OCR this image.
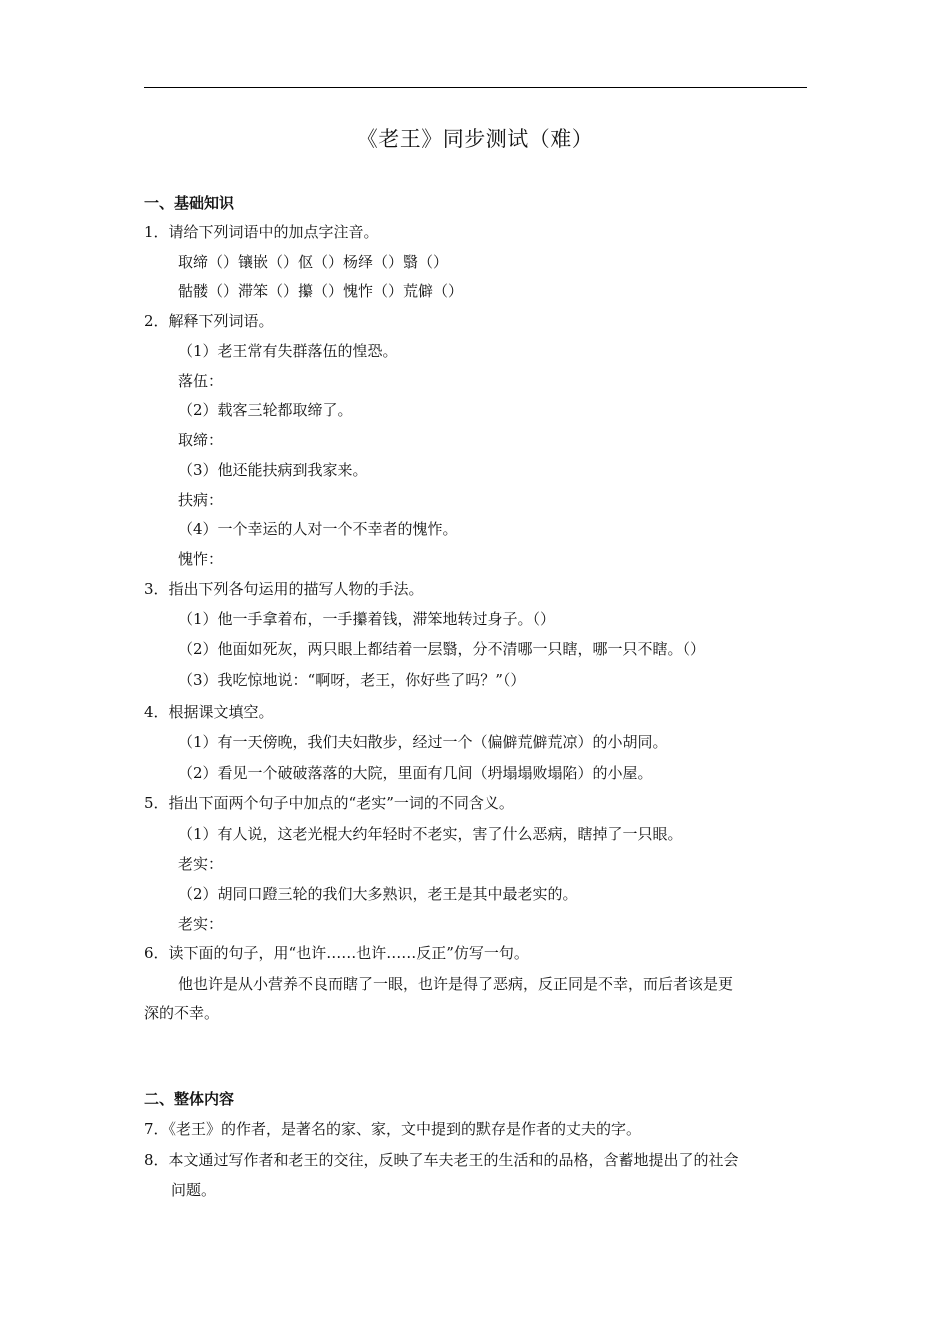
《老王》同步测试（难）
一、基础知识
1．请给下列词语中的加点字注音。
取缔（）镶嵌（）伛（）杨绎（）翳（）
骷髅（）滞笨（）攥（）愧怍（）荒僻（）
2．解释下列词语。
（1）老王常有失群落伍的惶恐。
落伍：
（2）载客三轮都取缔了。
取缔：
（3）他还能扶病到我家来。
扶病：
（4）一个幸运的人对一个不幸者的愧怍。
愧怍：
3．指出下列各句运用的描写人物的手法。
（1）他一手拿着布，一手攥着钱，滞笨地转过身子。（）
（2）他面如死灰，两只眼上都结着一层翳，分不清哪一只瞎，哪一只不瞎。（）
（3）我吃惊地说：“啊呀，老王，你好些了吗？”（）
4．根据课文填空。
（1）有一天傍晚，我们夫妇散步，经过一个（偏僻荒僻荒凉）的小胡同。
（2）看见一个破破落落的大院，里面有几间（坍塌塌败塌陷）的小屋。
5．指出下面两个句子中加点的“老实”一词的不同含义。
（1）有人说，这老光棍大约年轻时不老实，害了什么恶病，瞎掉了一只眼。
老实：
（2）胡同口蹬三轮的我们大多熟识，老王是其中最老实的。
老实：
6．读下面的句子，用“也许……也许……反正”仿写一句。
他也许是从小营养不良而瞎了一眼，也许是得了恶病，反正同是不幸，而后者该是更
深的不幸。
二、整体内容
7．《老王》的作者，是著名的家、家，文中提到的默存是作者的丈夫的字。
8．本文通过写作者和老王的交往，反映了车夫老王的生活和的品格，含蓄地提出了的社会
问题。
